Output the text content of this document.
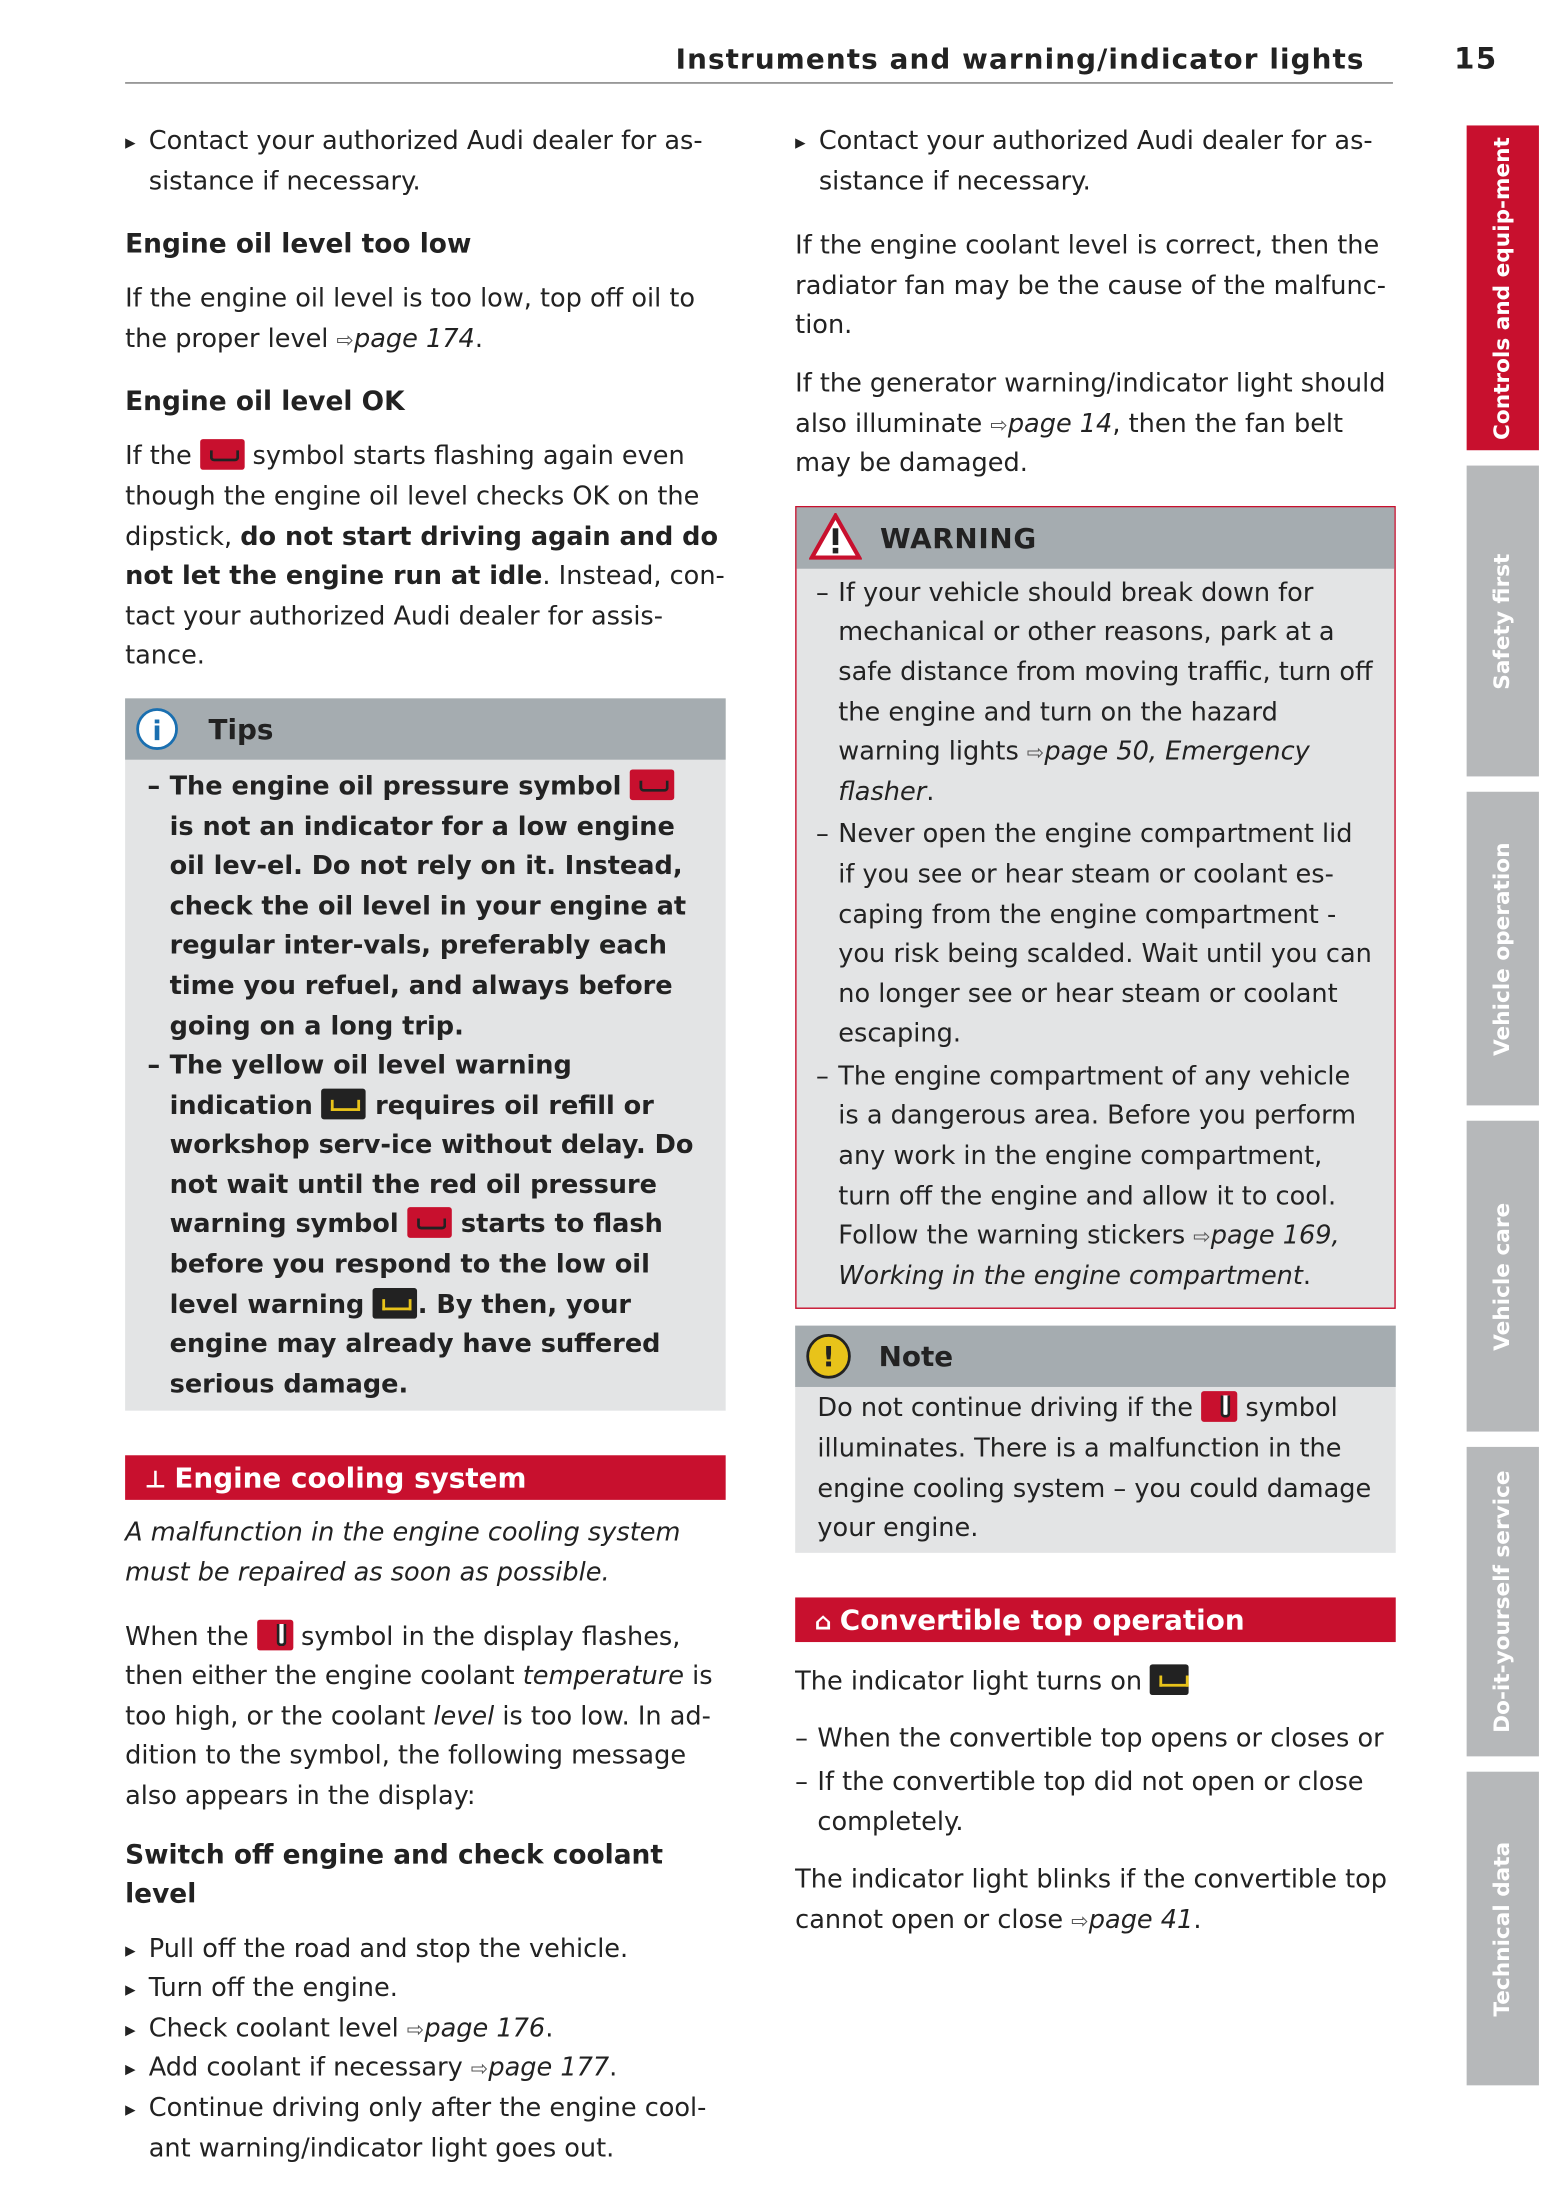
Instruments and warning/indicator lights	15

▸ Contact your authorized Audi dealer for as-sistance if necessary.

Engine oil level too low

If the engine oil level is too low, top off oil to the proper level ⇨page 174.

Engine oil level OK

If the  symbol starts flashing again even though the engine oil level checks OK on the dipstick, do not start driving again and do not let the engine run at idle. Instead, con-tact your authorized Audi dealer for assis-tance.

i	Tips

– The engine oil pressure symbol  is not an indicator for a low engine oil lev-el. Do not rely on it. Instead, check the oil level in your engine at regular inter-vals, preferably each time you refuel, and always before going on a long trip.

– The yellow oil level warning indication  requires oil refill or workshop serv-ice without delay. Do not wait until the red oil pressure warning symbol  starts to flash before you respond to the low oil level warning . By then, your engine may already have suffered serious damage.

⊥ Engine cooling system

A malfunction in the engine cooling system must be repaired as soon as possible.

When the  symbol in the display flashes, then either the engine coolant temperature is too high, or the coolant level is too low. In ad-dition to the symbol, the following message also appears in the display:

Switch off engine and check coolant level

▸ Pull off the road and stop the vehicle.

▸ Turn off the engine.

▸ Check coolant level ⇨page 176.

▸ Add coolant if necessary ⇨page 177.

▸ Continue driving only after the engine cool-ant warning/indicator light goes out.

▸ Contact your authorized Audi dealer for as-sistance if necessary.

If the engine coolant level is correct, then the radiator fan may be the cause of the malfunc-tion.

If the generator warning/indicator light should also illuminate ⇨page 14, then the fan belt may be damaged.

WARNING

– If your vehicle should break down for mechanical or other reasons, park at a safe distance from moving traffic, turn off the engine and turn on the hazard warning lights ⇨page 50, Emergency flasher.

– Never open the engine compartment lid if you see or hear steam or coolant es-caping from the engine compartment - you risk being scalded. Wait until you can no longer see or hear steam or coolant escaping.

– The engine compartment of any vehicle is a dangerous area. Before you perform any work in the engine compartment, turn off the engine and allow it to cool. Follow the warning stickers ⇨page 169, Working in the engine compartment.

!	Note

Do not continue driving if the  symbol illuminates. There is a malfunction in the engine cooling system – you could damage your engine.

⌂ Convertible top operation

The indicator light turns on

– When the convertible top opens or closes or

– If the convertible top did not open or close completely.

The indicator light blinks if the convertible top cannot open or close ⇨page 41.

Controls and equip-ment
Safety first
Vehicle operation
Vehicle care
Do-it-yourself service
Technical data
